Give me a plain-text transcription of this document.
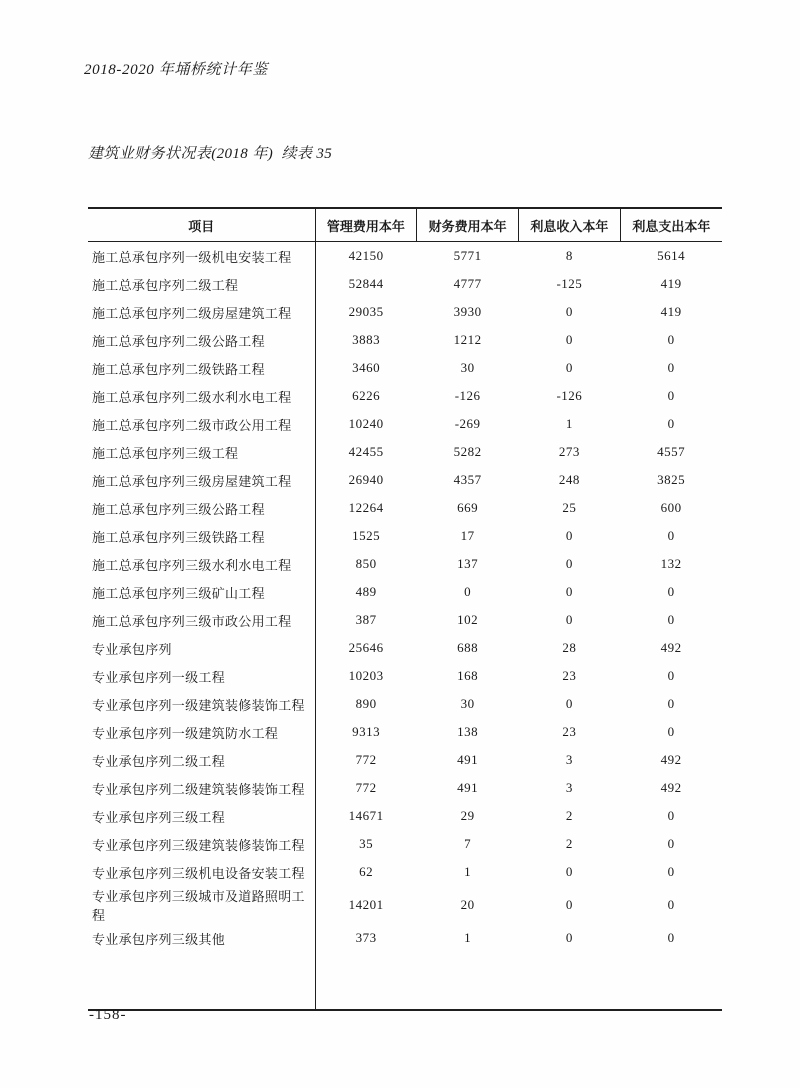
2018-2020 年埇桥统计年鉴
建筑业财务状况表(2018 年)  续表 35
项目	管理费用本年	财务费用本年	利息收入本年	利息支出本年
施工总承包序列一级机电安装工程	42150	5771	8	5614
施工总承包序列二级工程	52844	4777	-125	419
施工总承包序列二级房屋建筑工程	29035	3930	0	419
施工总承包序列二级公路工程	3883	1212	0	0
施工总承包序列二级铁路工程	3460	30	0	0
施工总承包序列二级水利水电工程	6226	-126	-126	0
施工总承包序列二级市政公用工程	10240	-269	1	0
施工总承包序列三级工程	42455	5282	273	4557
施工总承包序列三级房屋建筑工程	26940	4357	248	3825
施工总承包序列三级公路工程	12264	669	25	600
施工总承包序列三级铁路工程	1525	17	0	0
施工总承包序列三级水利水电工程	850	137	0	132
施工总承包序列三级矿山工程	489	0	0	0
施工总承包序列三级市政公用工程	387	102	0	0
专业承包序列	25646	688	28	492
专业承包序列一级工程	10203	168	23	0
专业承包序列一级建筑装修装饰工程	890	30	0	0
专业承包序列一级建筑防水工程	9313	138	23	0
专业承包序列二级工程	772	491	3	492
专业承包序列二级建筑装修装饰工程	772	491	3	492
专业承包序列三级工程	14671	29	2	0
专业承包序列三级建筑装修装饰工程	35	7	2	0
专业承包序列三级机电设备安装工程	62	1	0	0
专业承包序列三级城市及道路照明工程	14201	20	0	0
专业承包序列三级其他	373	1	0	0

-158-
